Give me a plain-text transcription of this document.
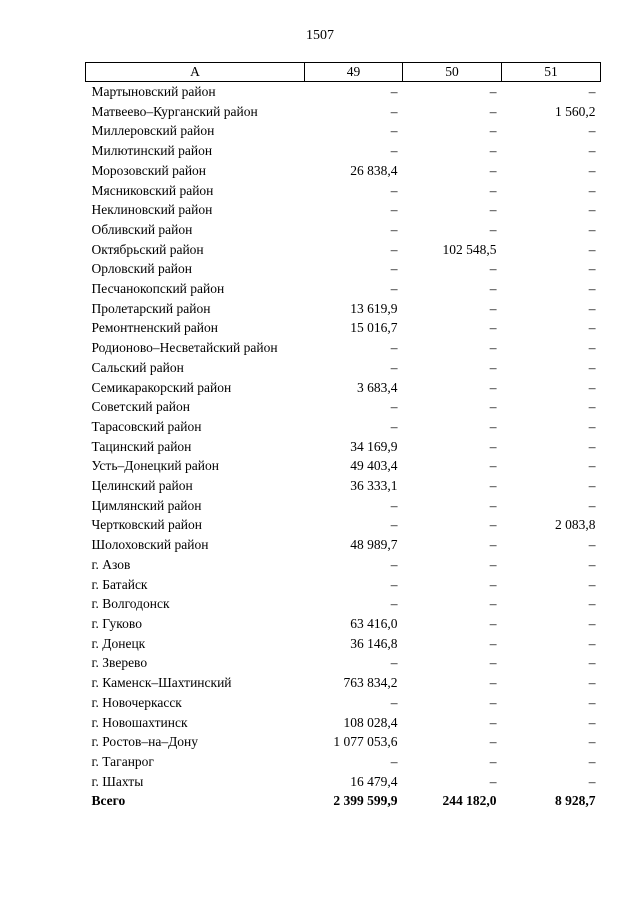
1507
А	49	50	51
Мартыновский район	–	–	–
Матвеево–Курганский район	–	–	1 560,2
Миллеровский район	–	–	–
Милютинский район	–	–	–
Морозовский район	26 838,4	–	–
Мясниковский район	–	–	–
Неклиновский район	–	–	–
Обливский район	–	–	–
Октябрьский район	–	102 548,5	–
Орловский район	–	–	–
Песчанокопский район	–	–	–
Пролетарский район	13 619,9	–	–
Ремонтненский район	15 016,7	–	–
Родионово–Несветайский район	–	–	–
Сальский район	–	–	–
Семикаракорский район	3 683,4	–	–
Советский район	–	–	–
Тарасовский район	–	–	–
Тацинский район	34 169,9	–	–
Усть–Донецкий район	49 403,4	–	–
Целинский район	36 333,1	–	–
Цимлянский район	–	–	–
Чертковский район	–	–	2 083,8
Шолоховский район	48 989,7	–	–
г. Азов	–	–	–
г. Батайск	–	–	–
г. Волгодонск	–	–	–
г. Гуково	63 416,0	–	–
г. Донецк	36 146,8	–	–
г. Зверево	–	–	–
г. Каменск–Шахтинский	763 834,2	–	–
г. Новочеркасск	–	–	–
г. Новошахтинск	108 028,4	–	–
г. Ростов–на–Дону	1 077 053,6	–	–
г. Таганрог	–	–	–
г. Шахты	16 479,4	–	–
Всего	2 399 599,9	244 182,0	8 928,7
